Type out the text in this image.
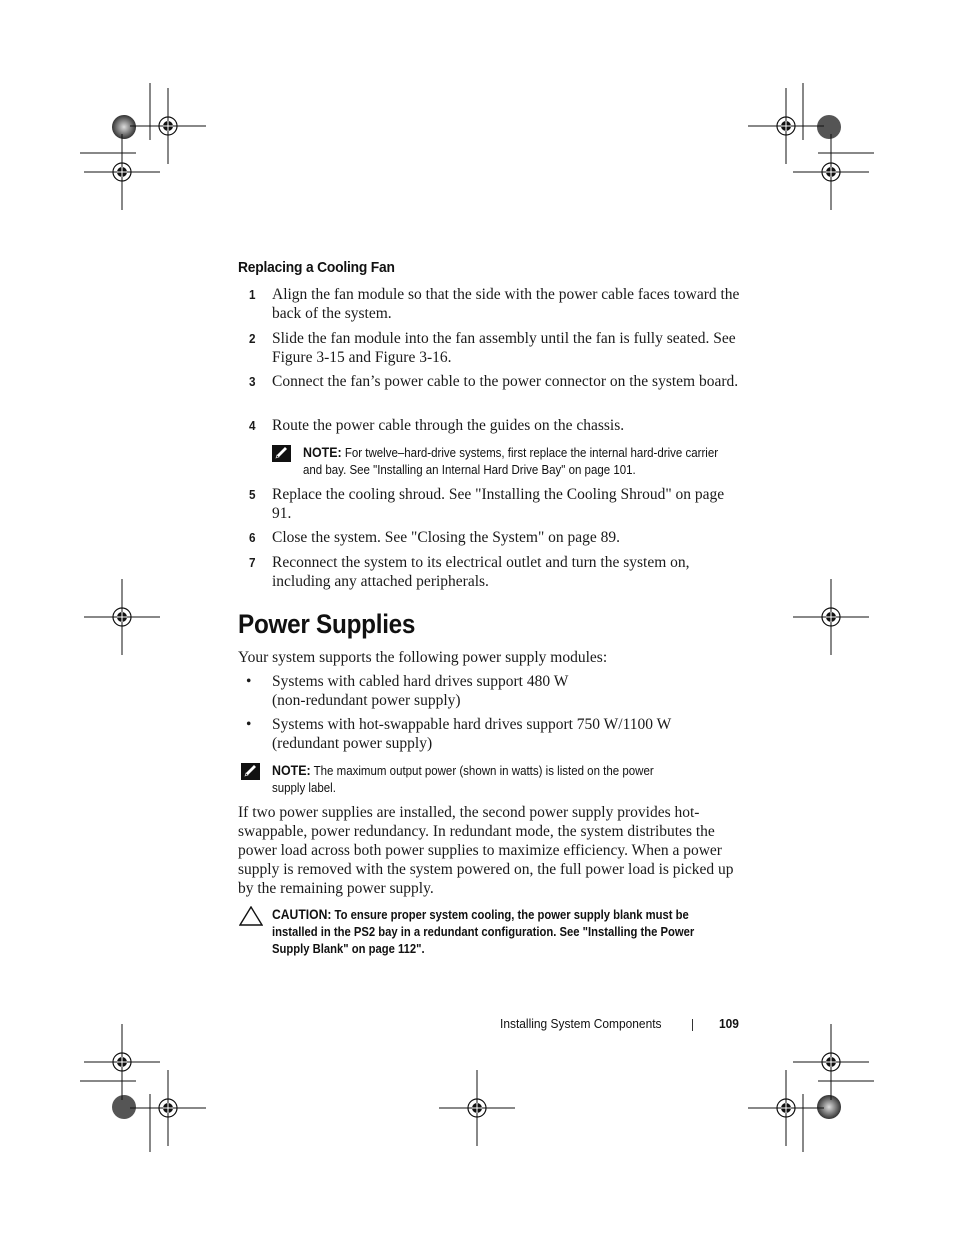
Replacing a Cooling Fan
1 Align the fan module so that the side with the power cable faces toward the back of the system.
2 Slide the fan module into the fan assembly until the fan is fully seated. See Figure 3-15 and Figure 3-16.
3 Connect the fan’s power cable to the power connector on the system board.
4 Route the power cable through the guides on the chassis.
NOTE: For twelve–hard-drive systems, first replace the internal hard-drive carrier and bay. See "Installing an Internal Hard Drive Bay" on page 101.
5 Replace the cooling shroud. See "Installing the Cooling Shroud" on page 91.
6 Close the system. See "Closing the System" on page 89.
7 Reconnect the system to its electrical outlet and turn the system on, including any attached peripherals.
Power Supplies
Your system supports the following power supply modules:
• Systems with cabled hard drives support 480 W (non-redundant power supply)
• Systems with hot-swappable hard drives support 750 W/1100 W (redundant power supply)
NOTE: The maximum output power (shown in watts) is listed on the power supply label.
If two power supplies are installed, the second power supply provides hot-swappable, power redundancy. In redundant mode, the system distributes the power load across both power supplies to maximize efficiency. When a power supply is removed with the system powered on, the full power load is picked up by the remaining power supply.
CAUTION: To ensure proper system cooling, the power supply blank must be installed in the PS2 bay in a redundant configuration. See "Installing the Power Supply Blank" on page 112".
Installing System Components	109
